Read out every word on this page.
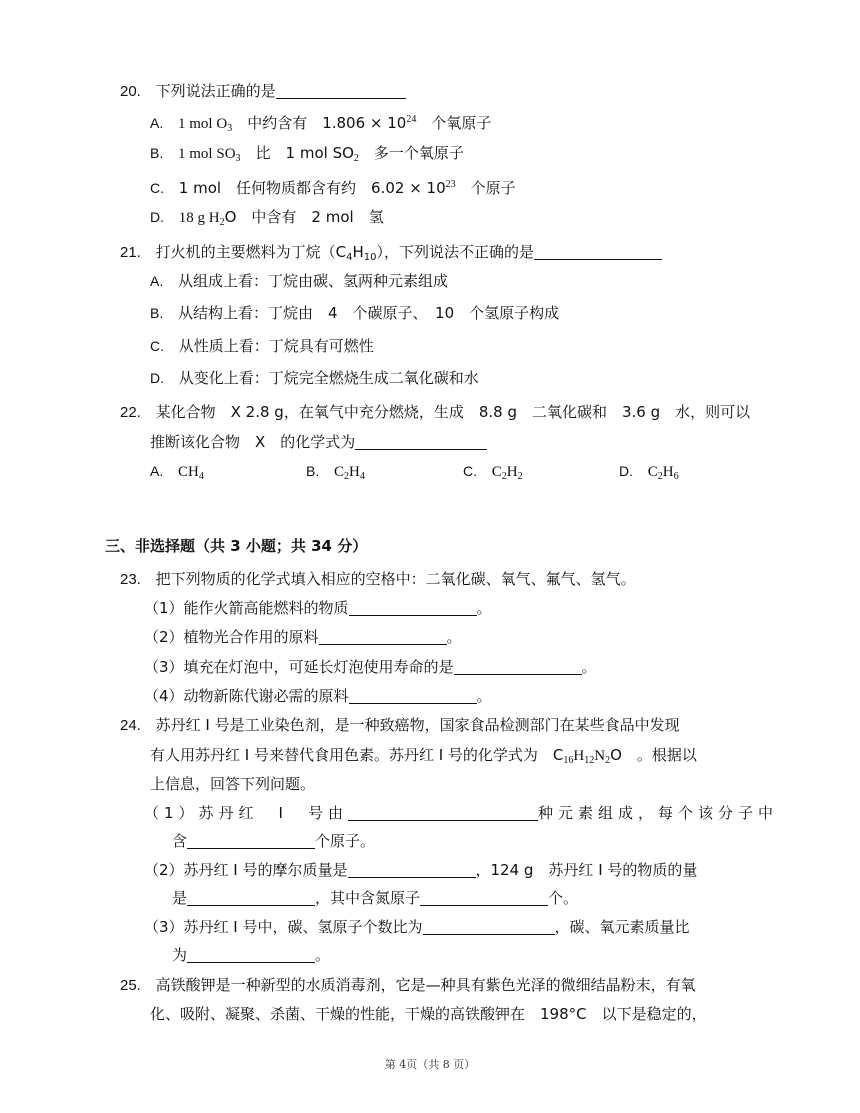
20. 下列说法正确的是
A. 1 mol $O_3$　中约含有　$1.806 \times 10^{24}$　个氧原子
B. 1 mol $SO_3$　比　1 mol $SO_2$　多一个氧原子
C. 1 mol　任何物质都含有约　$6.02 \times 10^{23}$　个原子
D. 18 g $H_2O$　中含有　2 mol　氢
21. 打火机的主要燃料为丁烷$(C_4H_{10})$，下列说法不正确的是
A. 从组成上看：丁烷由碳、氢两种元素组成
B. 从结构上看：丁烷由　4　个碳原子、　10　个氢原子构成
C. 从性质上看：丁烷具有可燃性
D. 从变化上看：丁烷完全燃烧生成二氧化碳和水
22. 某化合物　X 2.8 g，在氧气中充分燃烧，生成　8.8 g　二氧化碳和　3.6 g　水，则可以
推断该化合物　X　的化学式为
A. $CH_4$	B. $C_2H_4$	C. $C_2H_2$	D. $C_2H_6$
三、非选择题（共 3 小题；共 34 分）
23. 把下列物质的化学式填入相应的空格中：二氧化碳、氧气、氟气、氢气。
（1）能作火箭高能燃料的物质	。
（2）植物光合作用的原料	。
（3）填充在灯泡中，可延长灯泡使用寿命的是	。
（4）动物新陈代谢必需的原料	。
24. 苏丹红 I 号是工业染色剂，是一种致癌物，国家食品检测部门在某些食品中发现
有人用苏丹红 I 号来替代食用色素。苏丹红 I 号的化学式为　$C_{16}H_{12}N_2O$　。根据以
上信息，回答下列问题。
（1）苏丹红　I　号由	种元素组成，每个该分子中
含	个原子。
（2）苏丹红 I 号的摩尔质量是	，124 g　苏丹红 I 号的物质的量
是	，其中含氮原子	个。
（3）苏丹红 I 号中，碳、氢原子个数比为	，碳、氧元素质量比
为	。
25. 高铁酸钾是一种新型的水质消毒剂，它是—种具有紫色光泽的微细结晶粉末，有氧
化、吸附、凝聚、杀菌、干燥的性能，干燥的高铁酸钾在　198°C　以下是稳定的，
第 4页（共 8 页）
